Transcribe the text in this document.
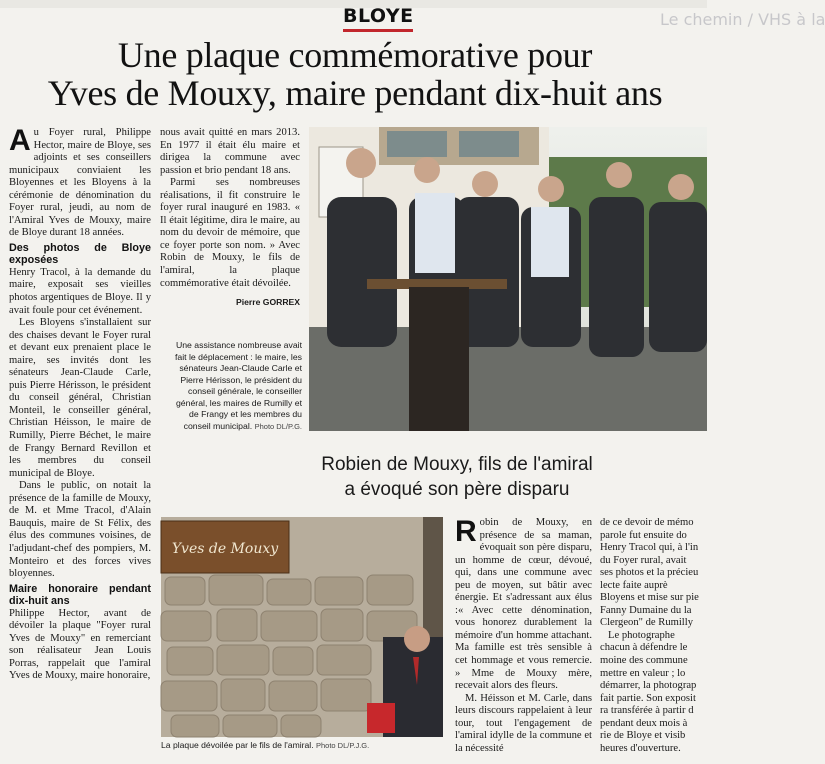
Le chemin / VHS à la
BLOYE
Une plaque commémorative pour
Yves de Mouxy, maire pendant dix-huit ans

Au Foyer rural, Philippe Hector, maire de Bloye, ses adjoints et ses conseillers municipaux conviaient les Bloyennes et les Bloyens à la cérémonie de dénomination du Foyer rural, jeudi, au nom de l'Amiral Yves de Mouxy, maire de Bloye durant 18 années.

Des photos de Bloye exposées

Henry Tracol, à la demande du maire, exposait ses vieilles photos argentiques de Bloye. Il y avait foule pour cet événement.

Les Bloyens s'installaient sur des chaises devant le Foyer rural et devant eux prenaient place le maire, ses invités dont les sénateurs Jean-Claude Carle, puis Pierre Hérisson, le président du conseil général, Christian Monteil, le conseiller général, Christian Héisson, le maire de Rumilly, Pierre Béchet, le maire de Frangy Bernard Revillon et les membres du conseil municipal de Bloye.

Dans le public, on notait la présence de la famille de Mouxy, de M. et Mme Tracol, d'Alain Bauquis, maire de St Félix, des élus des communes voisines, de l'adjudant-chef des pompiers, M. Monteiro et des forces vives bloyennes.

Maire honoraire pendant dix-huit ans

Philippe Hector, avant de dévoiler la plaque "Foyer rural Yves de Mouxy" en remerciant son réalisateur Jean Louis Porras, rappelait que l'amiral Yves de Mouxy, maire honoraire,

nous avait quitté en mars 2013. En 1977 il était élu maire et dirigea la commune avec passion et brio pendant 18 ans.

Parmi ses nombreuses réalisations, il fit construire le foyer rural inauguré en 1983. « Il était légitime, dira le maire, au nom du devoir de mémoire, que ce foyer porte son nom. » Avec Robin de Mouxy, le fils de l'amiral, la plaque commémorative était dévoilée.

Pierre GORREX
Une assistance nombreuse avait fait le déplacement : le maire, les sénateurs Jean-Claude Carle et Pierre Hérisson, le président du conseil générale, le conseiller général, les maires de Rumilly et de Frangy et les membres du conseil municipal. Photo DL/P.G.
Robien de Mouxy, fils de l'amiral
a évoqué son père disparu
Yves de Mouxy
La plaque dévoilée par le fils de l'amiral. Photo DL/P.J.G.

Robin de Mouxy, en présence de sa maman, évoquait son père disparu, un homme de cœur, dévoué, qui, dans une commune avec peu de moyen, sut bâtir avec énergie. Et s'adressant aux élus :« Avec cette dénomination, vous honorez durablement la mémoire d'un homme attachant. Ma famille est très sensible à cet hommage et vous remercie. » Mme de Mouxy mère, recevait alors des fleurs.

M. Héisson et M. Carle, dans leurs discours rappelaient à leur tour, tout l'engagement de l'amiral idylle de la commune et la nécessité

de ce devoir de mémo

parole fut ensuite do

Henry Tracol qui, à l'in

du Foyer rural, avait

ses photos et la précieu

lecte faite auprè

Bloyens et mise sur pie

Fanny Dumaine du la

Clergeon" de Rumilly

Le photographe

chacun à défendre le

moine des commune

mettre en valeur ; lo

démarrer, la photograp

fait partie. Son exposit

ra transférée à partir d

pendant deux mois à

rie de Bloye et visib

heures d'ouverture.
